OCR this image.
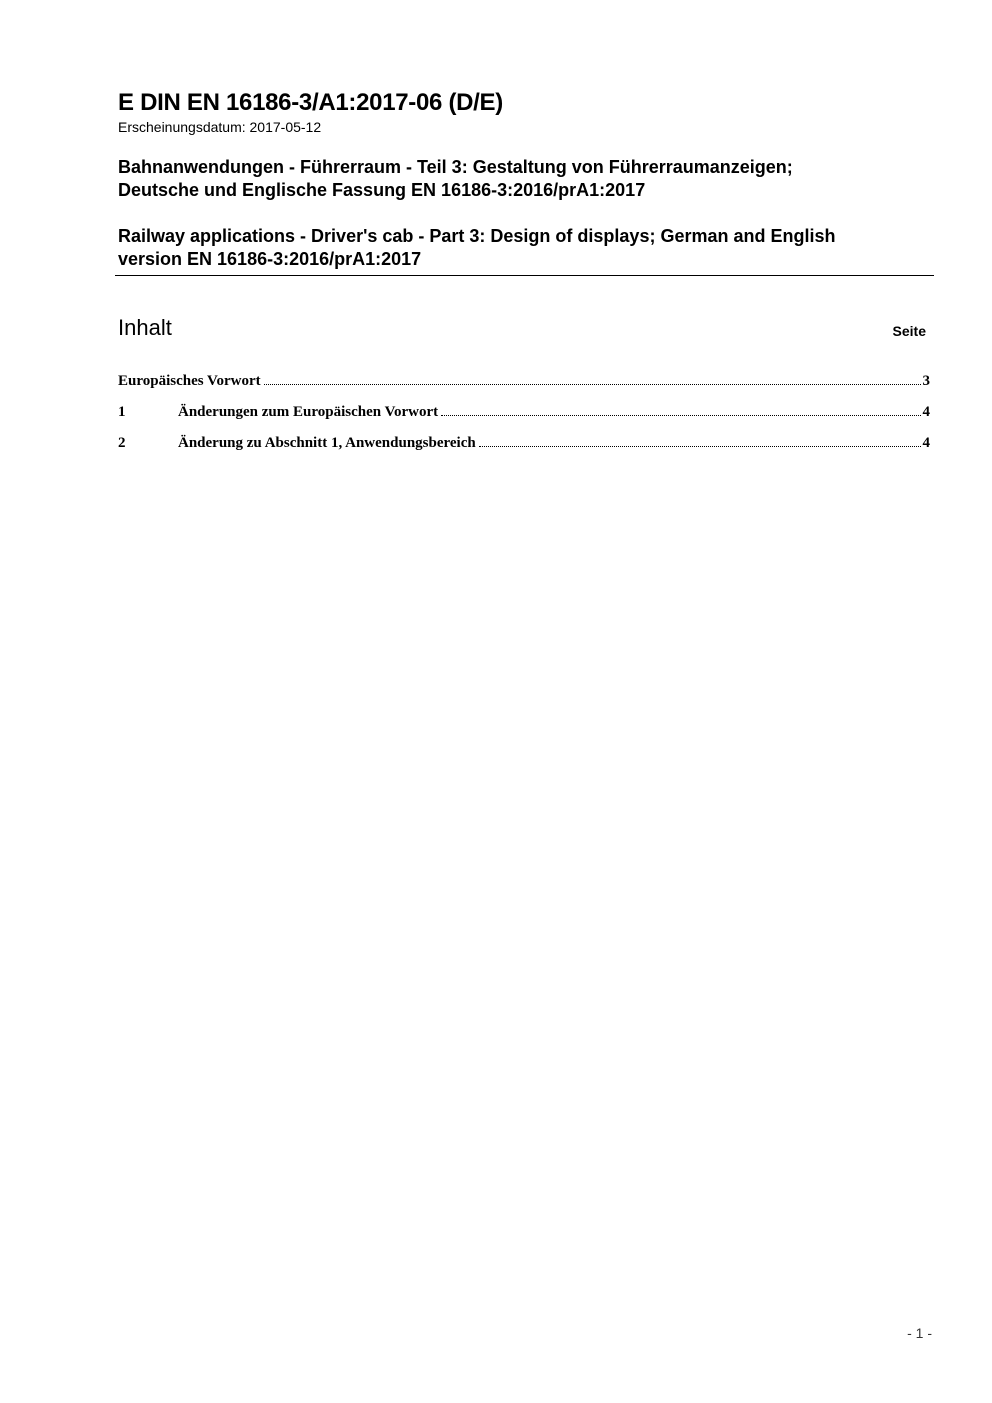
E DIN EN 16186-3/A1:2017-06 (D/E)
Erscheinungsdatum: 2017-05-12
Bahnanwendungen - Führerraum - Teil 3: Gestaltung von Führerraumanzeigen;
Deutsche und Englische Fassung EN 16186-3:2016/prA1:2017
Railway applications - Driver's cab - Part 3: Design of displays; German and English
version EN 16186-3:2016/prA1:2017
Inhalt	Seite
Europäisches Vorwort	3
1	Änderungen zum Europäischen Vorwort	4
2	Änderung zu Abschnitt 1, Anwendungsbereich	4
- 1 -
